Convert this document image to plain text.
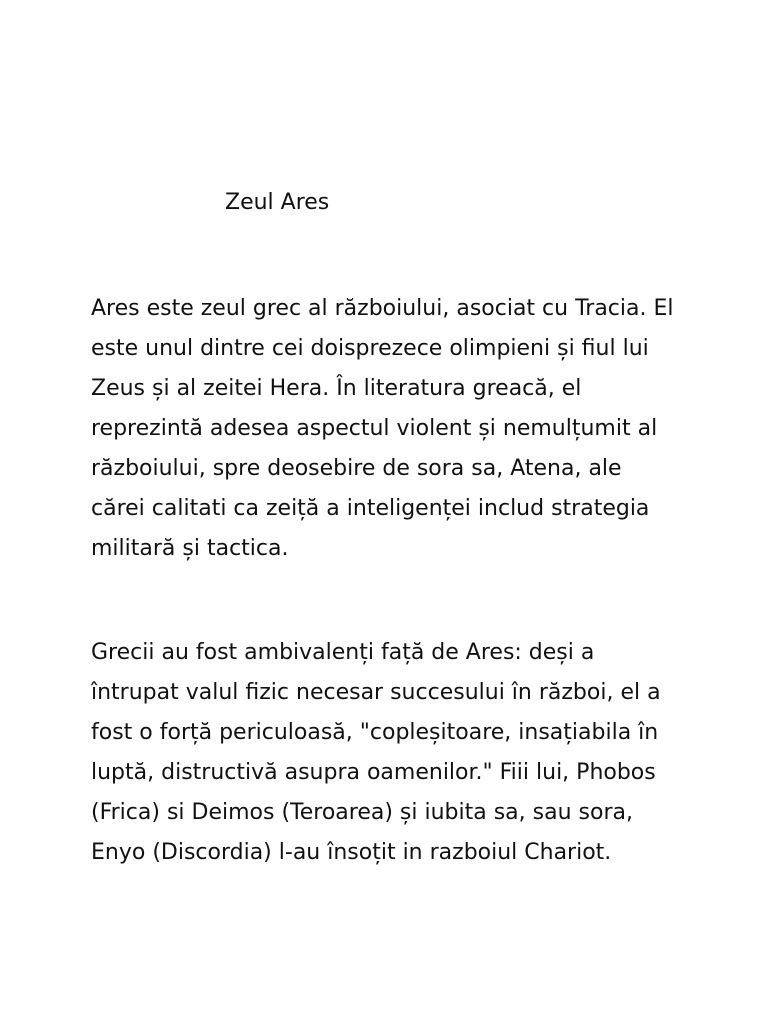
Zeul Ares
Ares este zeul grec al războiului, asociat cu Tracia. El
este unul dintre cei doisprezece olimpieni și fiul lui
Zeus și al zeitei Hera. În literatura greacă, el
reprezintă adesea aspectul violent și nemulțumit al
războiului, spre deosebire de sora sa, Atena, ale
cărei calitati ca zeiță a inteligenței includ strategia
militară și tactica.
Grecii au fost ambivalenți față de Ares: deși a
întrupat valul fizic necesar succesului în război, el a
fost o forță periculoasă, "copleșitoare, insațiabila în
luptă, distructivă asupra oamenilor." Fiii lui, Phobos
(Frica) si Deimos (Teroarea) și iubita sa, sau sora,
Enyo (Discordia) l-au însoțit in razboiul Chariot.
